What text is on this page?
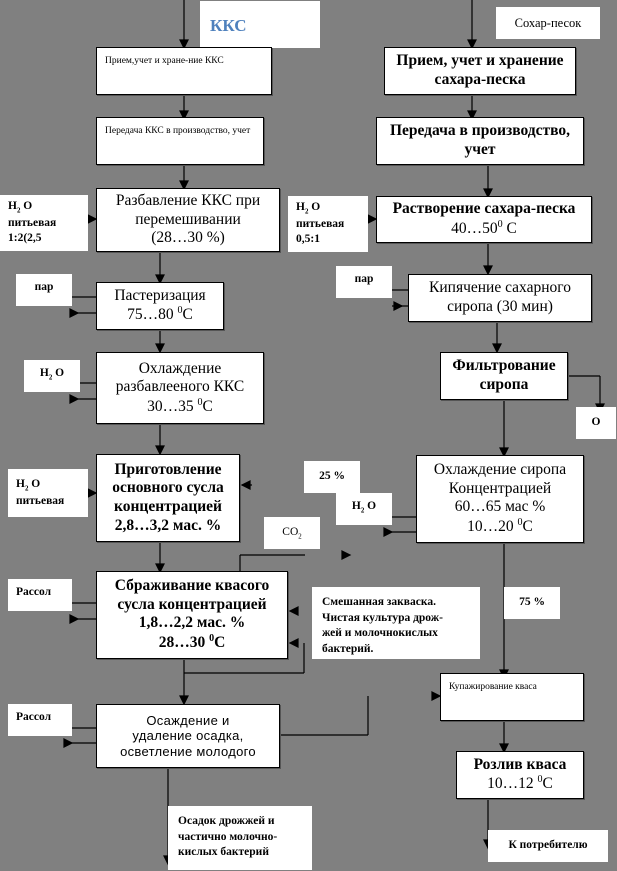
ККС	Сохар-песок
Прием,учет и хране-ние ККС
Передача ККС в производство, учет
Разбавление ККС при
перемешивании
(28…30 %)
Пастеризация
75…80 $^0$С
Охлаждение
разбавлееного ККС
30…35 $^0$С
Приготовление
основного сусла
концентрацией
2,8…3,2 мас. %
Сбраживание квасого
сусла концентрацией
1,8…2,2 мас. %
28…30 $^0$С
Осаждение и
удаление осадка,
осветление молодого
Прием, учет и хранение
сахара-песка
Передача в производство,
учет
Растворение сахара-песка
$40\dots 50^0$ С
Кипячение сахарного
сиропа (30 мин)
Фильтрование
сиропа
Охлаждение сиропа
Концентрацией
60…65 мас %
10…20 $^0$С
Купажирование кваса
Розлив кваса
10…12 $^0$С
$H_2$ O
питьевая
1:2(2,5
$H_2$ O
питьевая
0,5:1
пар
пар
$H_2$ O
$H_2$ O
питьевая
25 %
$H_2$ O
$CO_2$
Рассол
Смешанная закваска.
Чистая культура дрож-
жей и молочнокислых
бактерий.
75 %
Рассол
О
Осадок дрожжей и
частично молочно-
кислых бактерий
К потребителю
